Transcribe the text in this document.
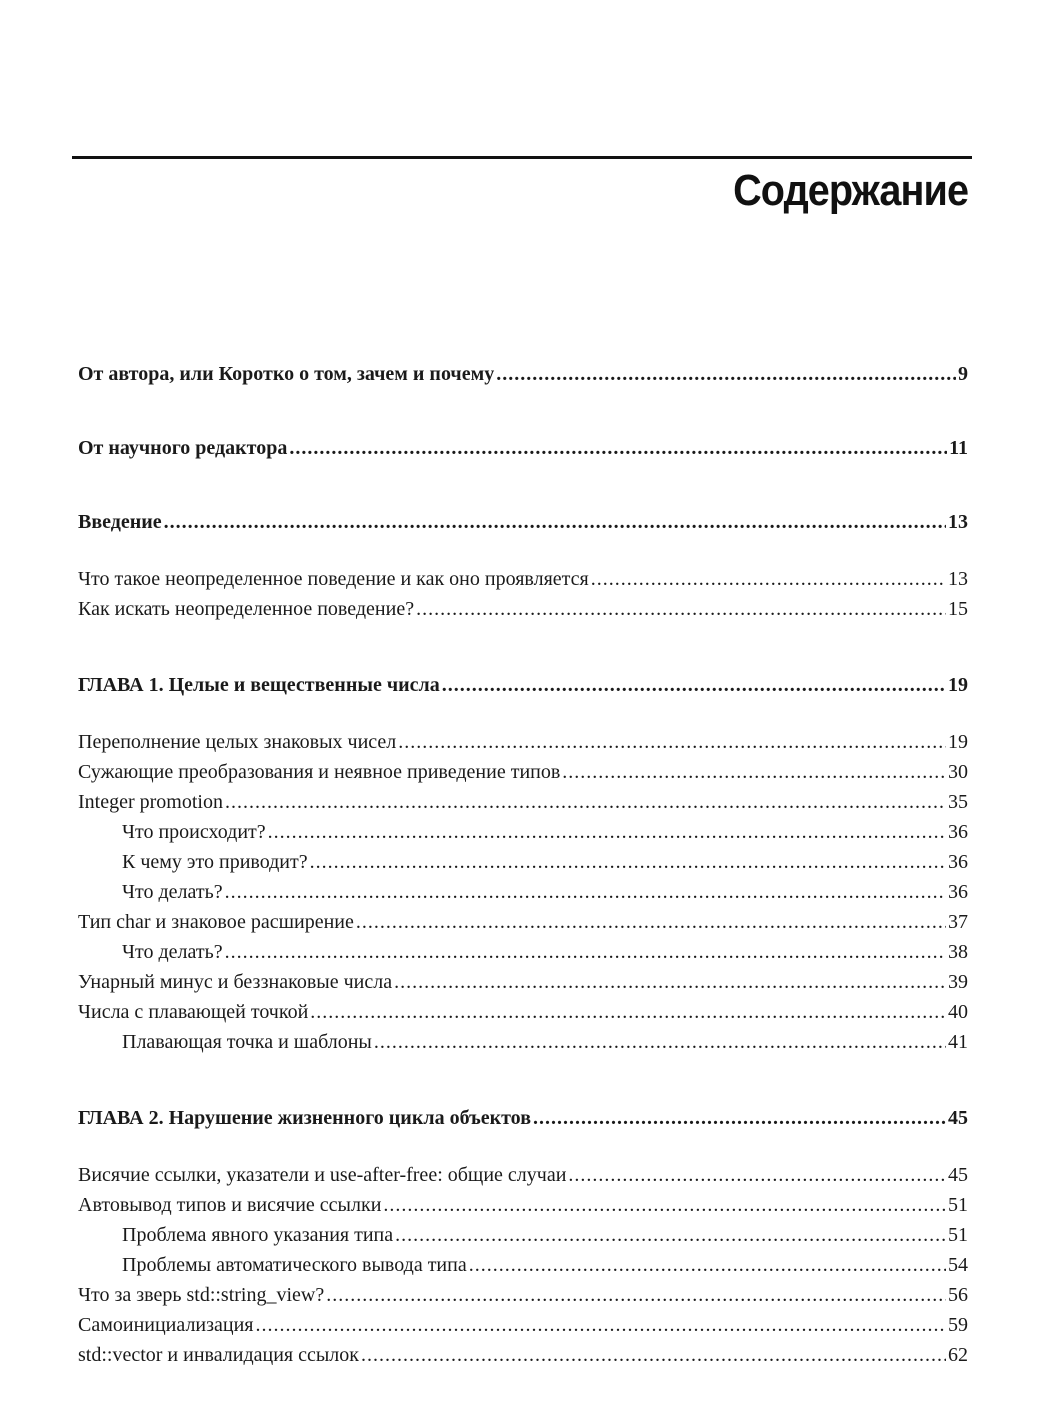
Содержание
От автора, или Коротко о том, зачем и почему .....	9
От научного редактора .....	11
Введение .....	13
Что такое неопределенное поведение и как оно проявляется .....	13
Как искать неопределенное поведение? .....	15
ГЛАВА 1. Целые и вещественные числа .....	19
Переполнение целых знаковых чисел .....	19
Сужающие преобразования и неявное приведение типов .....	30
Integer promotion .....	35
Что происходит? .....	36
К чему это приводит? .....	36
Что делать? .....	36
Тип char и знаковое расширение .....	37
Что делать? .....	38
Унарный минус и беззнаковые числа .....	39
Числа с плавающей точкой .....	40
Плавающая точка и шаблоны .....	41
ГЛАВА 2. Нарушение жизненного цикла объектов .....	45
Висячие ссылки, указатели и use-after-free: общие случаи .....	45
Автовывод типов и висячие ссылки .....	51
Проблема явного указания типа .....	51
Проблемы автоматического вывода типа .....	54
Что за зверь std::string_view? .....	56
Самоинициализация .....	59
std::vector и инвалидация ссылок .....	62
